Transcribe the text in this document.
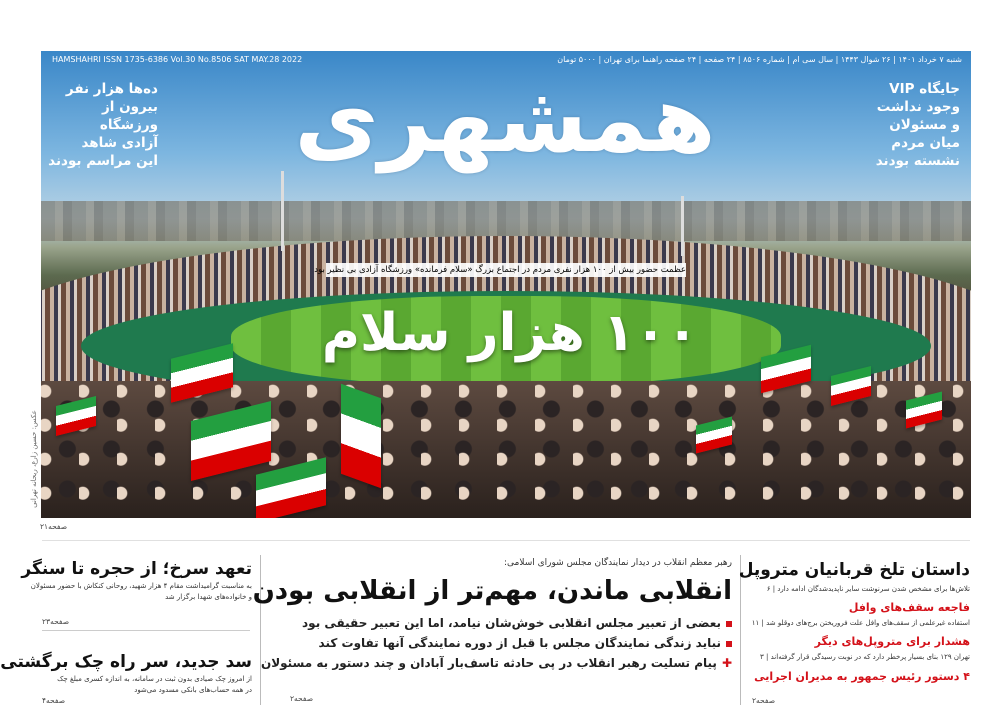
HAMSHAHRI ISSN 1735-6386 Vol.30 No.8506 SAT MAY.28 2022	شنبه ۷ خرداد ۱۴۰۱ | ۲۶ شوال ۱۴۴۳ | سال سی ام | شماره ۸۵۰۶ | ۲۴ صفحه | ۲۴ صفحه راهنما برای تهران | ۵۰۰۰ تومان
همشهری
ده‌ها هزار نفر
بیرون از
ورزشگاه
آزادی شاهد
این مراسم بودند
جایگاه VIP
وجود نداشت
و مسئولان
میان مردم
نشسته بودند
عظمت حضور بیش از ۱۰۰ هزار نفری مردم در اجتماع بزرگ «سلام فرمانده» ورزشگاه آزادی بی نظیر بود
۱۰۰ هزار سلام
عکس: حسین زارع، ریحانه تهرانی
صفحه۲۱
تعهد سرخ؛ از حجره تا سنگر
به مناسبت گرامیداشت مقام ۴ هزار شهید، روحانی کنکاش با حضور مسئولان
و خانواده‌های شهدا برگزار شد
صفحه۲۳
سد جدید، سر راه چک برگشتی
از امروز چک صیادی بدون ثبت در سامانه، به اندازه کسری مبلغ چک
در همه حساب‌های بانکی مسدود می‌شود
صفحه۴
رهبر معظم انقلاب در دیدار نمایندگان مجلس شورای اسلامی:
انقلابی ماندن، مهم‌تر از انقلابی بودن
بعضی از تعبیر مجلس انقلابی خوش‌شان نیامد، اما این تعبیر حقیقی بود
نباید زندگی نمایندگان مجلس با قبل از دوره نمایندگی آنها تفاوت کند
✚پیام تسلیت رهبر انقلاب در پی حادثه تاسف‌بار آبادان و چند دستور به مسئولان
صفحه۲
داستان تلخ قربانیان متروپل
تلاش‌ها برای مشخص شدن سرنوشت سایر ناپدیدشدگان ادامه دارد | ۶
فاجعه سقف‌های وافل
استفاده غیرعلمی از سقف‌های وافل علت فروریختن برج‌های دوقلو شد | ۱۱
هشدار برای متروپل‌های دیگر
تهران ۱۲۹ بنای بسیار پرخطر دارد که در نوبت رسیدگی قرار گرفته‌اند | ۳
۴ دستور رئیس جمهور به مدیران اجرایی
صفحه۲
